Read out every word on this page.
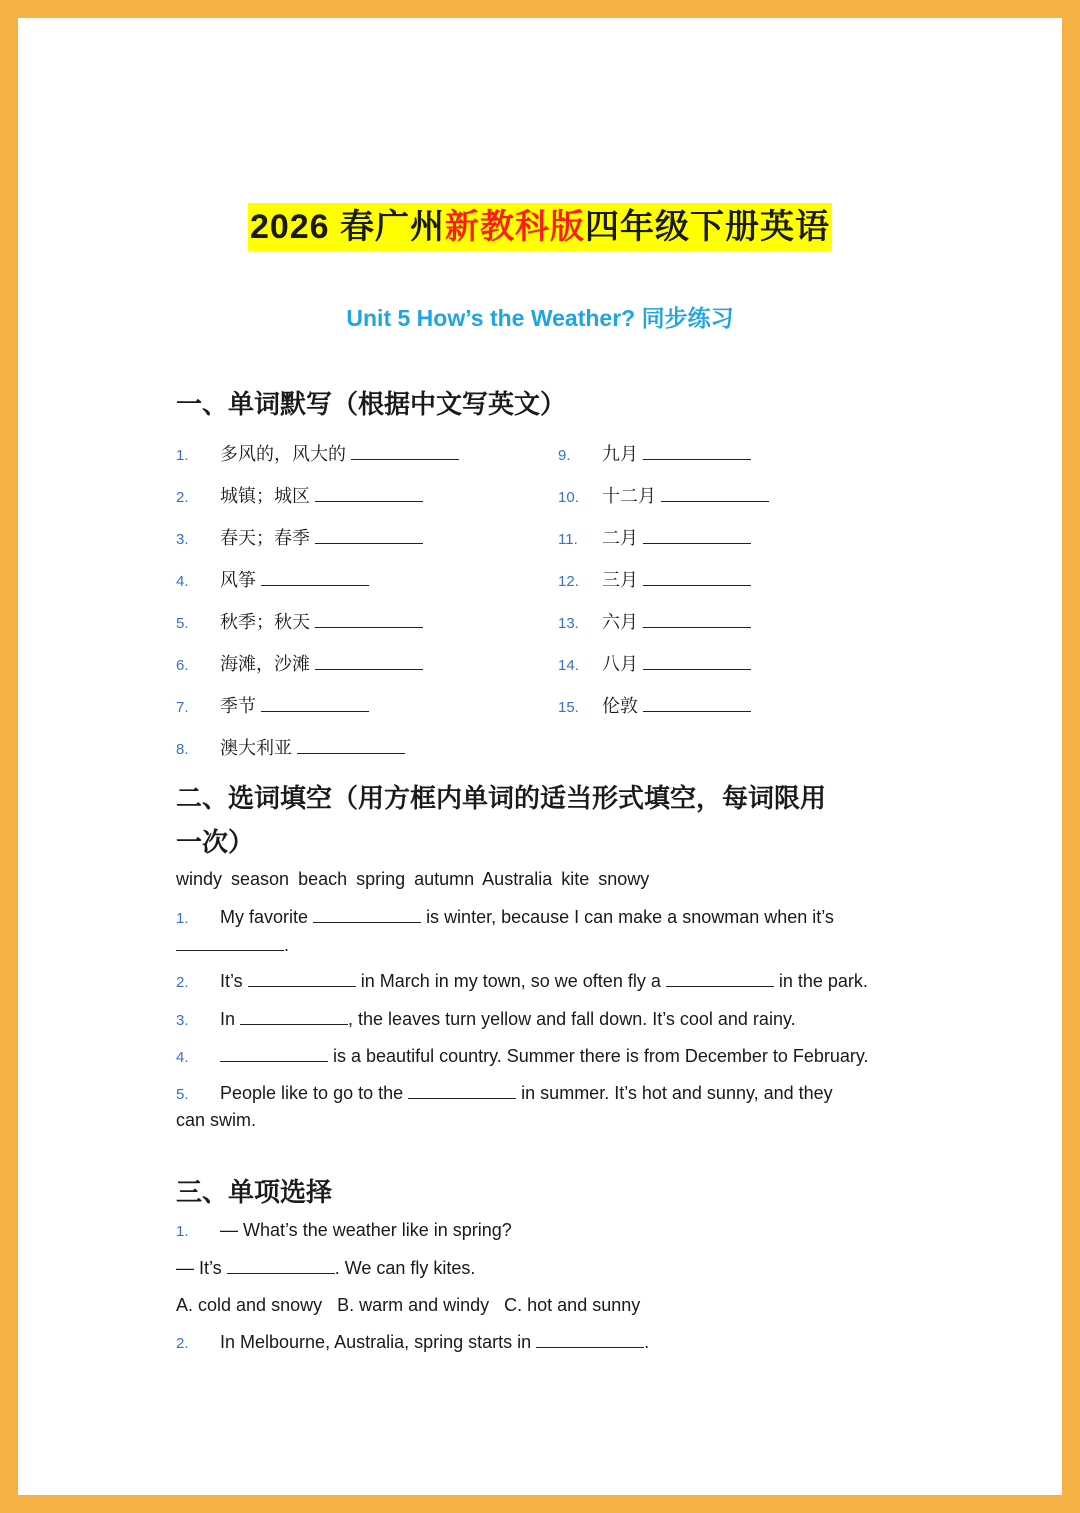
2026 春广州新教科版四年级下册英语
Unit 5 How’s the Weather? 同步练习
一、单词默写（根据中文写英文）
1. 多风的，风大的
2. 城镇；城区
3. 春天；春季
4. 风筝
5. 秋季；秋天
6. 海滩，沙滩
7. 季节
8. 澳大利亚
9. 九月
10. 十二月
11. 二月
12. 三月
13. 六月
14. 八月
15. 伦敦
二、选词填空（用方框内单词的适当形式填空，每词限用
一次）
windy season beach spring autumn Australia kite snowy
1. My favorite	is winter, because I can make a snowman when it’s
.
2. It’s	in March in my town, so we often fly a	in the park.
3. In	, the leaves turn yellow and fall down. It’s cool and rainy.
4.	is a beautiful country. Summer there is from December to February.
5. People like to go to the	in summer. It’s hot and sunny, and they
can swim.
三、单项选择
1. — What’s the weather like in spring?
— It’s	. We can fly kites.
A. cold and snowy   B. warm and windy   C. hot and sunny
2. In Melbourne, Australia, spring starts in	.
